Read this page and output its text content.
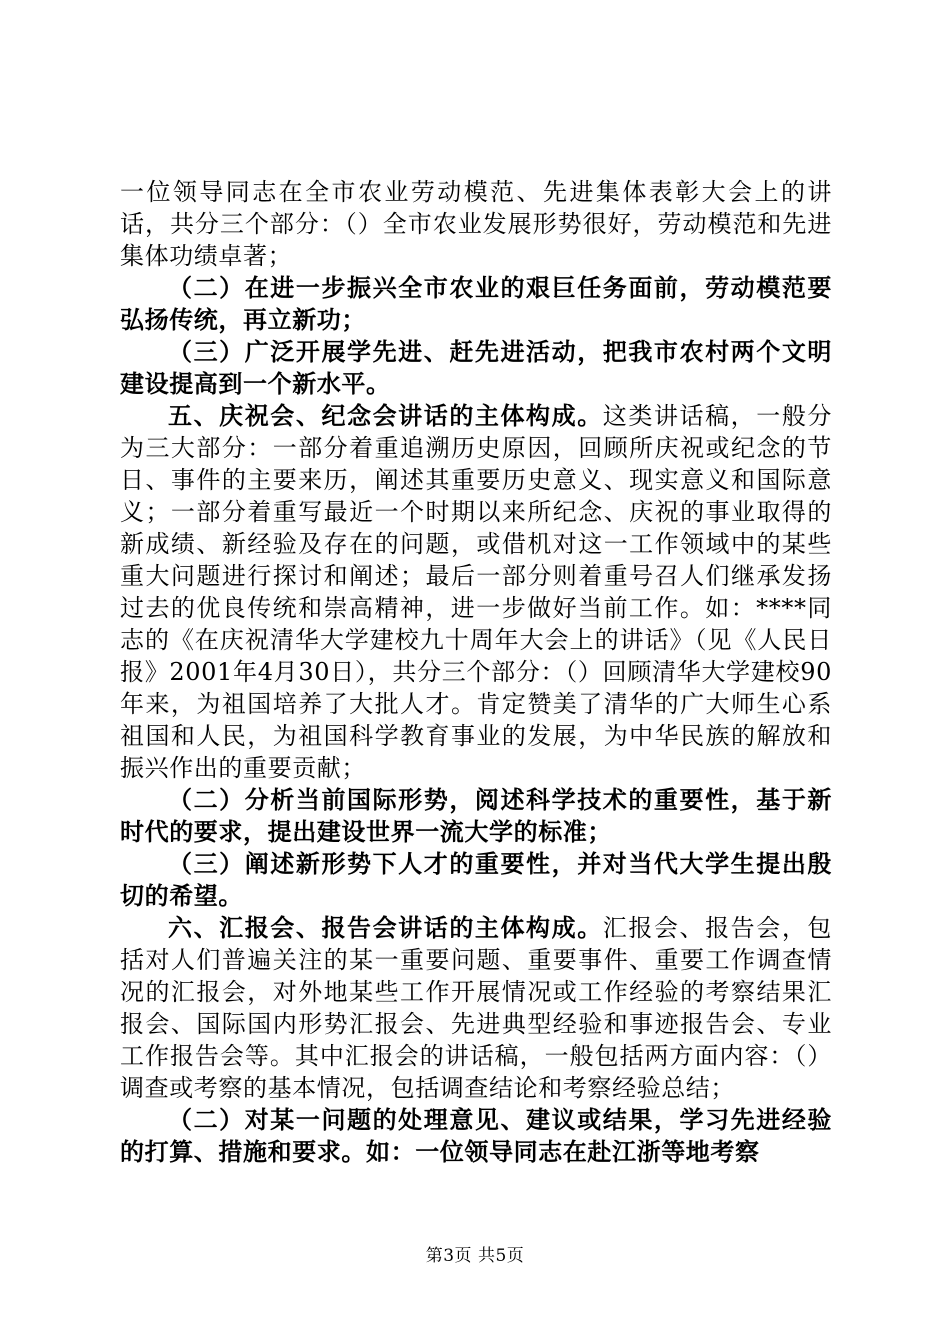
一位领导同志在全市农业劳动模范、先进集体表彰大会上的讲话，共分三个部分：（）全市农业发展形势很好，劳动模范和先进集体功绩卓著；

（二）在进一步振兴全市农业的艰巨任务面前，劳动模范要弘扬传统，再立新功；

（三）广泛开展学先进、赶先进活动，把我市农村两个文明建设提高到一个新水平。

五、庆祝会、纪念会讲话的主体构成。这类讲话稿，一般分为三大部分：一部分着重追溯历史原因，回顾所庆祝或纪念的节日、事件的主要来历，阐述其重要历史意义、现实意义和国际意义；一部分着重写最近一个时期以来所纪念、庆祝的事业取得的新成绩、新经验及存在的问题，或借机对这一工作领域中的某些重大问题进行探讨和阐述；最后一部分则着重号召人们继承发扬过去的优良传统和崇高精神，进一步做好当前工作。如：****同志的《在庆祝清华大学建校九十周年大会上的讲话》（见《人民日报》2001年4月30日），共分三个部分：（）回顾清华大学建校90年来，为祖国培养了大批人才。肯定赞美了清华的广大师生心系祖国和人民，为祖国科学教育事业的发展，为中华民族的解放和振兴作出的重要贡献；

（二）分析当前国际形势，阅述科学技术的重要性，基于新时代的要求，提出建设世界一流大学的标准；

（三）阐述新形势下人才的重要性，并对当代大学生提出殷切的希望。

六、汇报会、报告会讲话的主体构成。汇报会、报告会，包括对人们普遍关注的某一重要问题、重要事件、重要工作调查情况的汇报会，对外地某些工作开展情况或工作经验的考察结果汇报会、国际国内形势汇报会、先进典型经验和事迹报告会、专业工作报告会等。其中汇报会的讲话稿，一般包括两方面内容：（）调查或考察的基本情况，包括调查结论和考察经验总结；

（二）对某一问题的处理意见、建议或结果，学习先进经验的打算、措施和要求。如：一位领导同志在赴江浙等地考察

第3页 共5页
